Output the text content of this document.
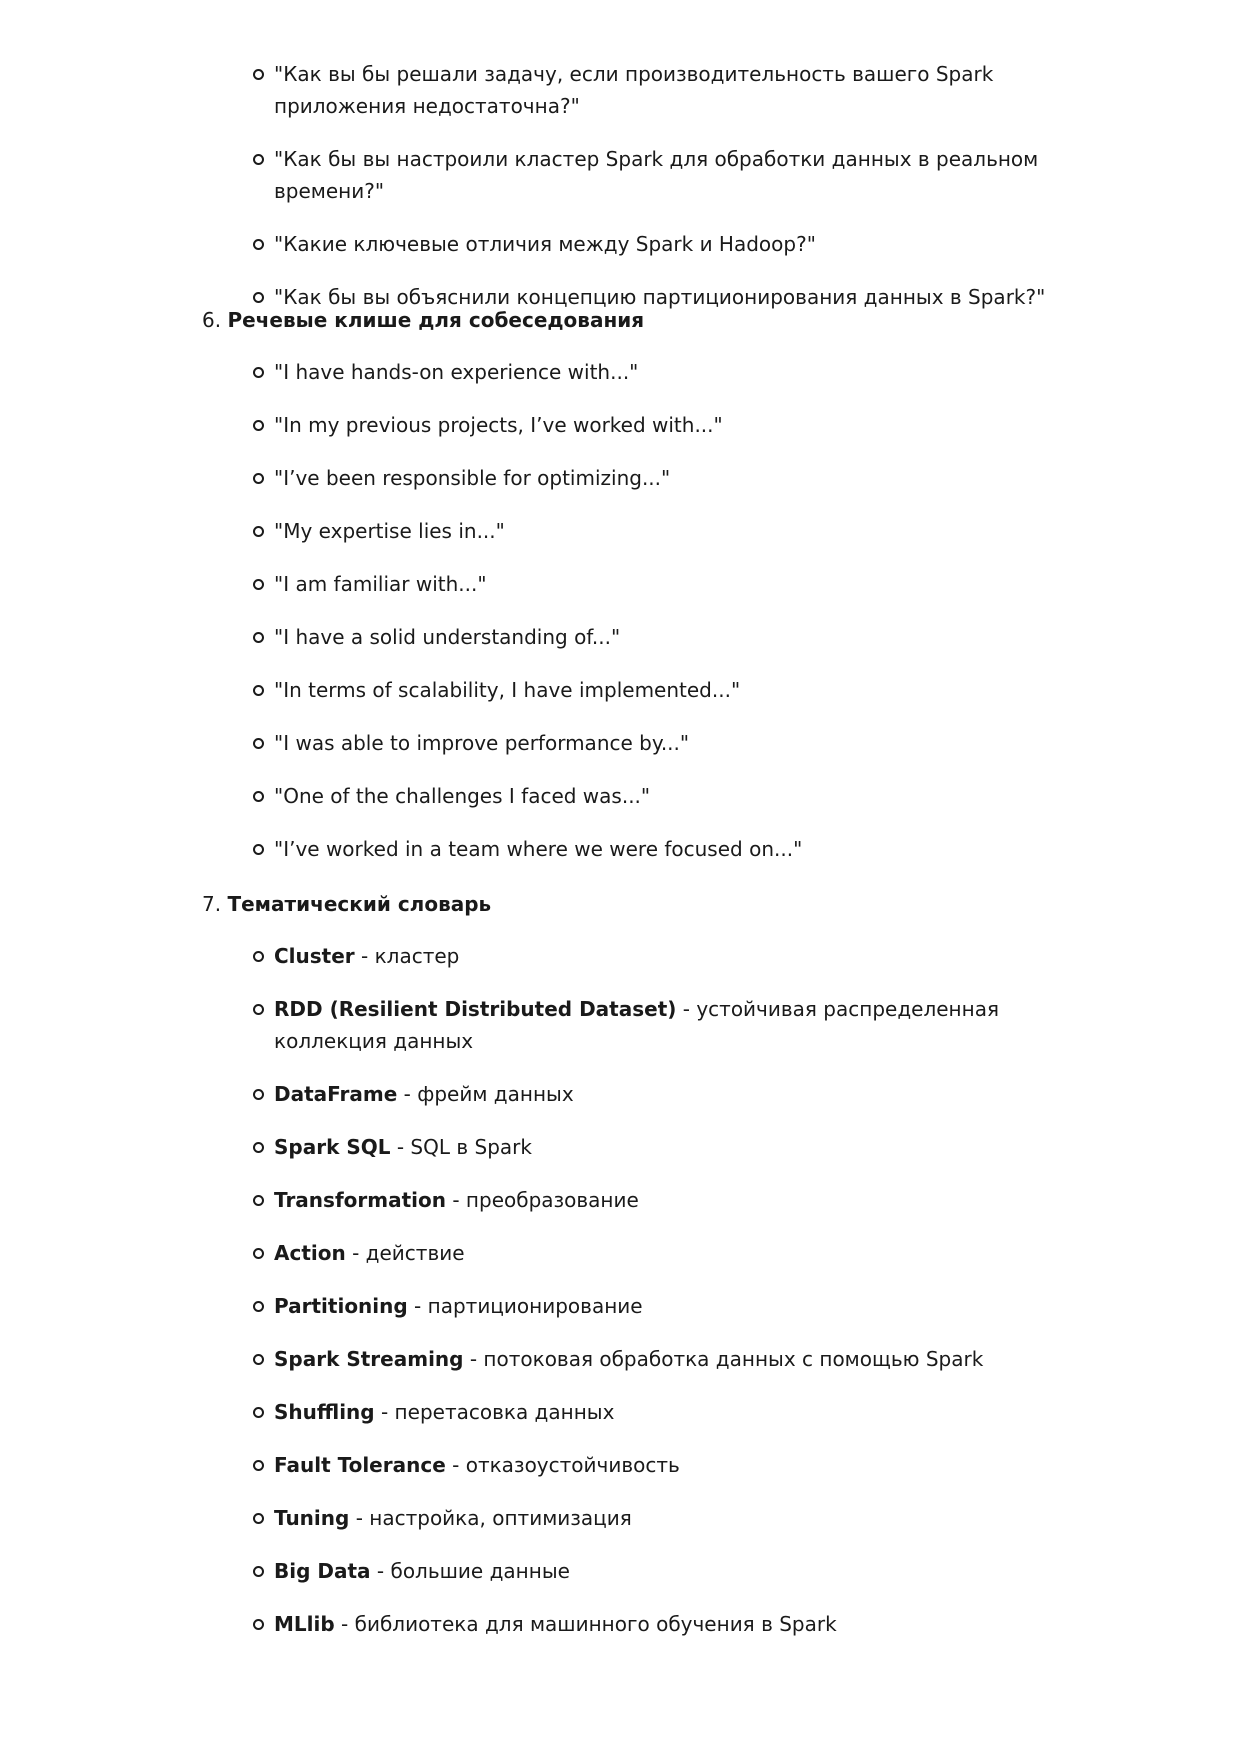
"Как вы бы решали задачу, если производительность вашего Spark приложения недостаточна?"
"Как бы вы настроили кластер Spark для обработки данных в реальном времени?"
"Какие ключевые отличия между Spark и Hadoop?"
"Как бы вы объяснили концепцию партиционирования данных в Spark?"

6. Речевые клише для собеседования

"I have hands-on experience with..."
"In my previous projects, I’ve worked with..."
"I’ve been responsible for optimizing..."
"My expertise lies in..."
"I am familiar with..."
"I have a solid understanding of..."
"In terms of scalability, I have implemented..."
"I was able to improve performance by..."
"One of the challenges I faced was..."
"I’ve worked in a team where we were focused on..."

7. Тематический словарь

Cluster - кластер
RDD (Resilient Distributed Dataset) - устойчивая распределенная коллекция данных
DataFrame - фрейм данных
Spark SQL - SQL в Spark
Transformation - преобразование
Action - действие
Partitioning - партиционирование
Spark Streaming - потоковая обработка данных с помощью Spark
Shuffling - перетасовка данных
Fault Tolerance - отказоустойчивость
Tuning - настройка, оптимизация
Big Data - большие данные
MLlib - библиотека для машинного обучения в Spark
